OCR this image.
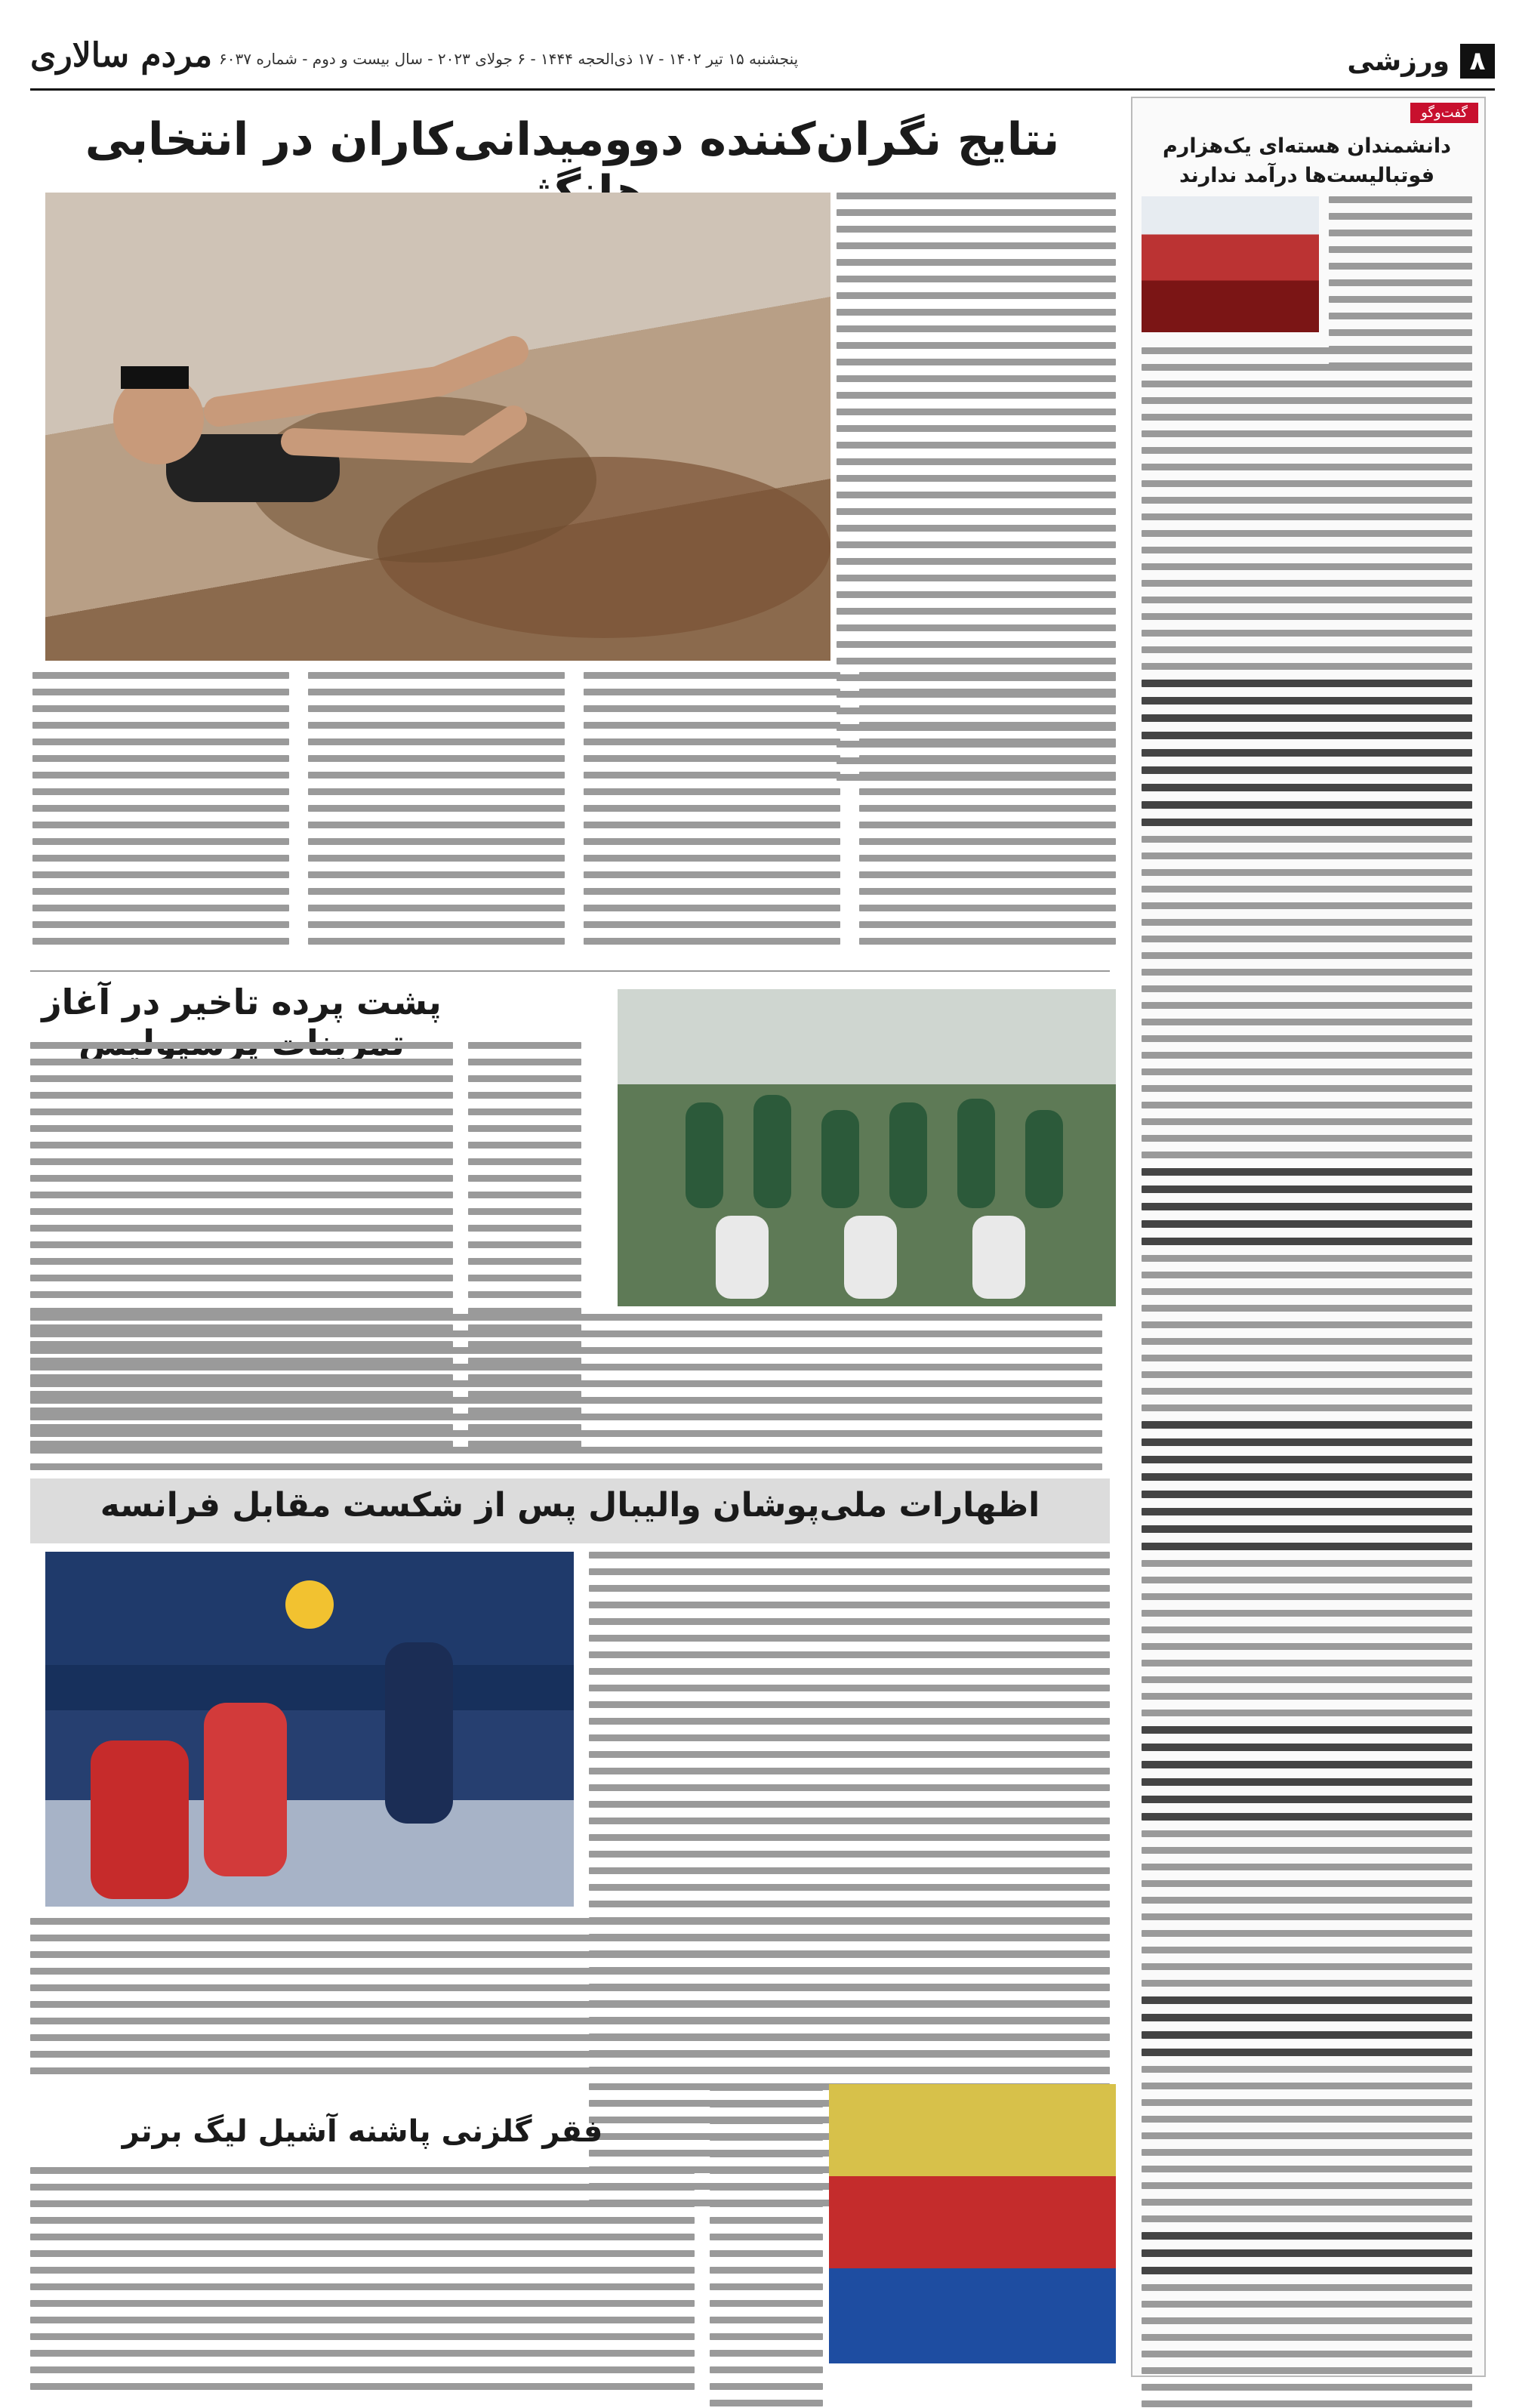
۸
ورزشی
پنجشنبه ۱۵ تیر ۱۴۰۲ - ۱۷ ذی‌الحجه ۱۴۴۴ - ۶ جولای ۲۰۲۳ - سال بیست و دوم - شماره ۶۰۳۷
مردم سالاری
گفت‌وگو
دانشمندان هسته‌ای یک‌هزارم فوتبالیست‌ها درآمد ندارند
نتایج نگران‌کننده دوومیدانی‌کاران در انتخابی
پشت پرده تاخیر در آغاز
اظهارات ملی‌پوشان والیبال پس از شکست مقابل فرانسه
فقر گلزنی پاشنه آشیل لیگ برتر
